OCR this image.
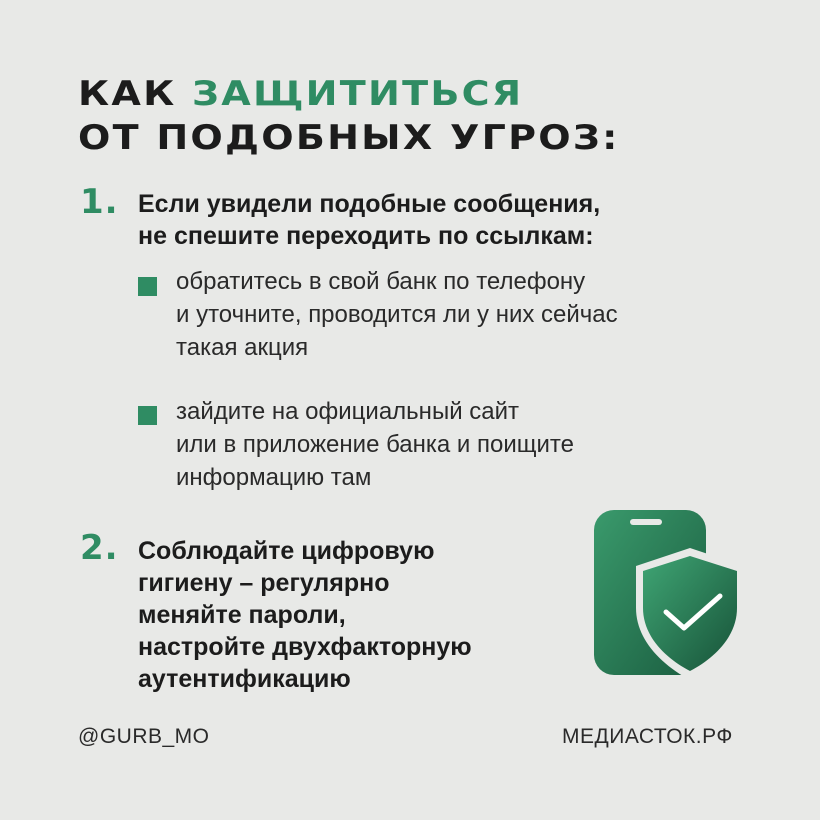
КАК ЗАЩИТИТЬСЯ
ОТ ПОДОБНЫХ УГРОЗ:
1. Если увидели подобные сообщения,
не спешите переходить по ссылкам:
обратитесь в свой банк по телефону
и уточните, проводится ли у них сейчас
такая акция
зайдите на официальный сайт
или в приложение банка и поищите
информацию там
2. Соблюдайте цифровую
гигиену – регулярно
меняйте пароли,
настройте двухфакторную
аутентификацию
@GURB_MO	МЕДИАСТОК.РФ
